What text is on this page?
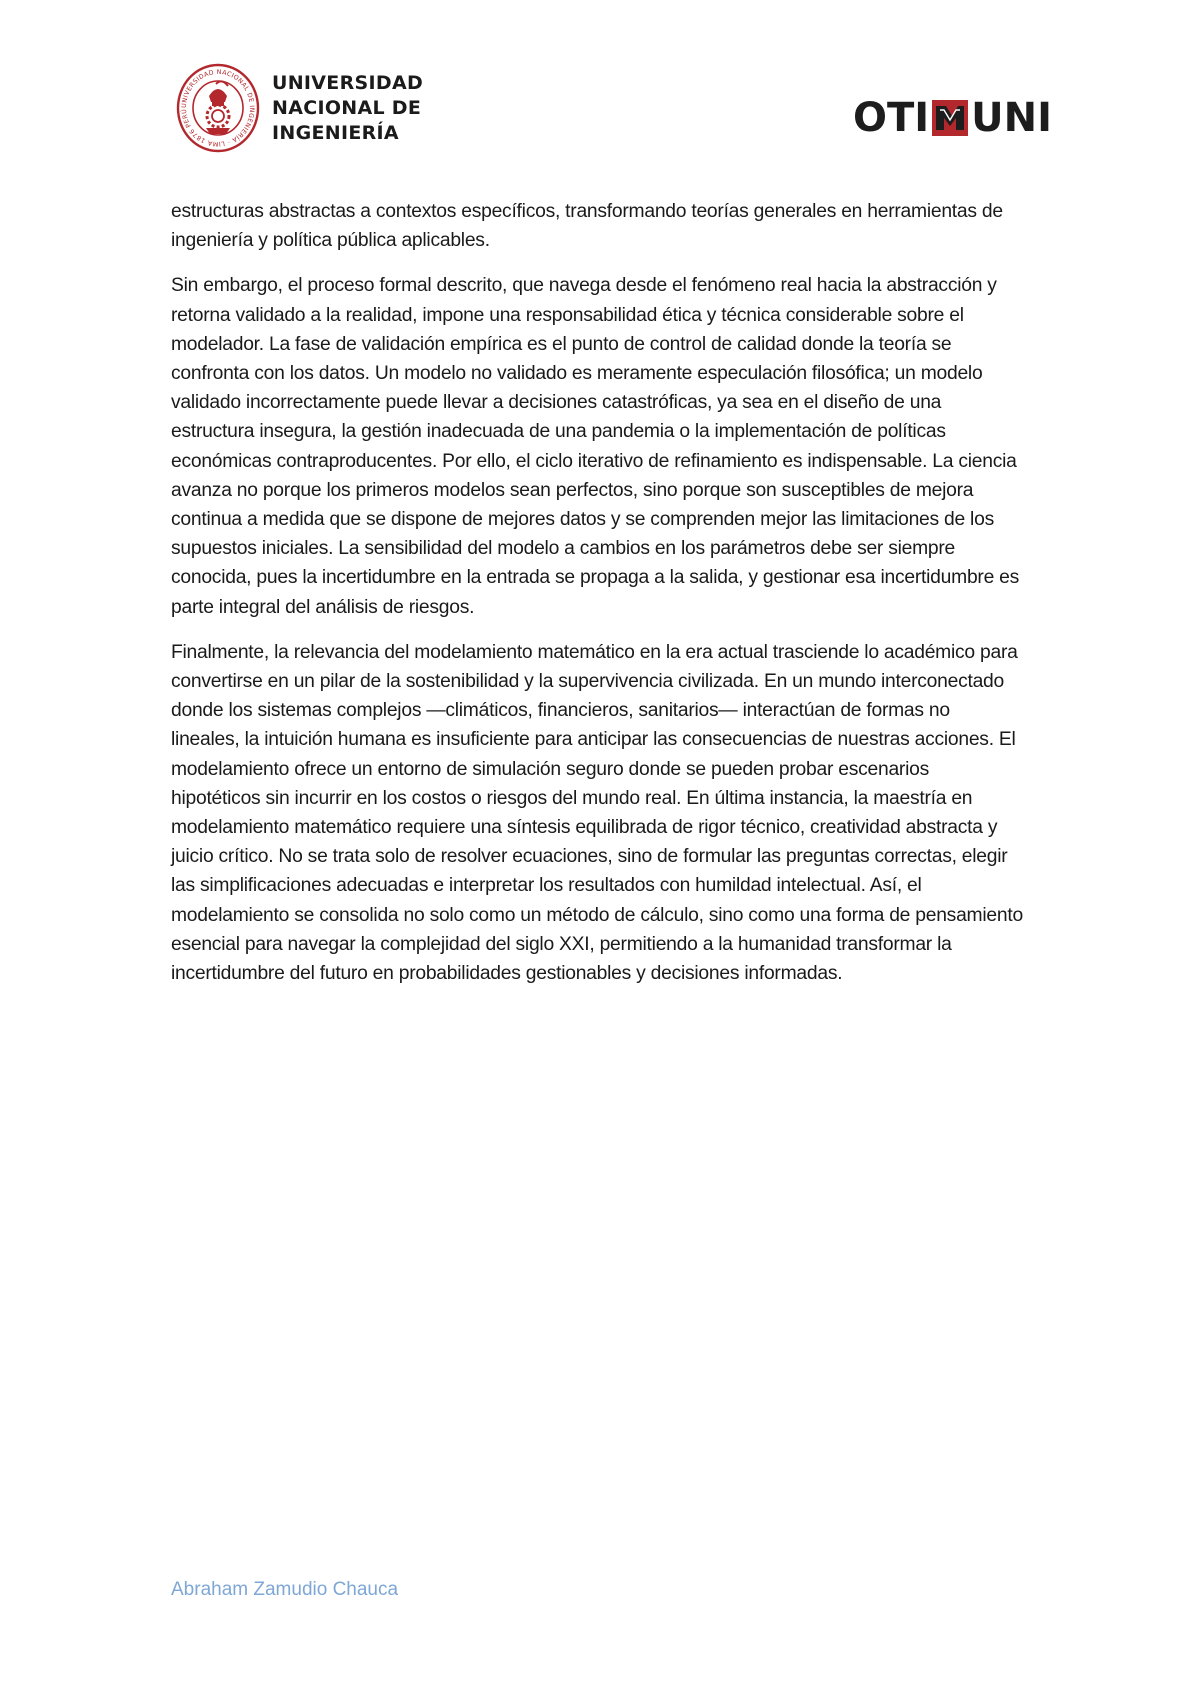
UNIVERSIDAD NACIONAL DE INGENIERÍA · LIMA 1876 PERÚ
UNIVERSIDAD
NACIONAL DE
INGENIERÍA	OTI UNI

estructuras abstractas a contextos específicos, transformando teorías generales en herramientas de ingeniería y política pública aplicables.

Sin embargo, el proceso formal descrito, que navega desde el fenómeno real hacia la abstracción y retorna validado a la realidad, impone una responsabilidad ética y técnica considerable sobre el modelador. La fase de validación empírica es el punto de control de calidad donde la teoría se confronta con los datos. Un modelo no validado es meramente especulación filosófica; un modelo validado incorrectamente puede llevar a decisiones catastróficas, ya sea en el diseño de una estructura insegura, la gestión inadecuada de una pandemia o la implementación de políticas económicas contraproducentes. Por ello, el ciclo iterativo de refinamiento es indispensable. La ciencia avanza no porque los primeros modelos sean perfectos, sino porque son susceptibles de mejora continua a medida que se dispone de mejores datos y se comprenden mejor las limitaciones de los supuestos iniciales. La sensibilidad del modelo a cambios en los parámetros debe ser siempre conocida, pues la incertidumbre en la entrada se propaga a la salida, y gestionar esa incertidumbre es parte integral del análisis de riesgos.

Finalmente, la relevancia del modelamiento matemático en la era actual trasciende lo académico para convertirse en un pilar de la sostenibilidad y la supervivencia civilizada. En un mundo interconectado donde los sistemas complejos —climáticos, financieros, sanitarios— interactúan de formas no lineales, la intuición humana es insuficiente para anticipar las consecuencias de nuestras acciones. El modelamiento ofrece un entorno de simulación seguro donde se pueden probar escenarios hipotéticos sin incurrir en los costos o riesgos del mundo real. En última instancia, la maestría en modelamiento matemático requiere una síntesis equilibrada de rigor técnico, creatividad abstracta y juicio crítico. No se trata solo de resolver ecuaciones, sino de formular las preguntas correctas, elegir las simplificaciones adecuadas e interpretar los resultados con humildad intelectual. Así, el modelamiento se consolida no solo como un método de cálculo, sino como una forma de pensamiento esencial para navegar la complejidad del siglo XXI, permitiendo a la humanidad transformar la incertidumbre del futuro en probabilidades gestionables y decisiones informadas.

Abraham Zamudio Chauca
